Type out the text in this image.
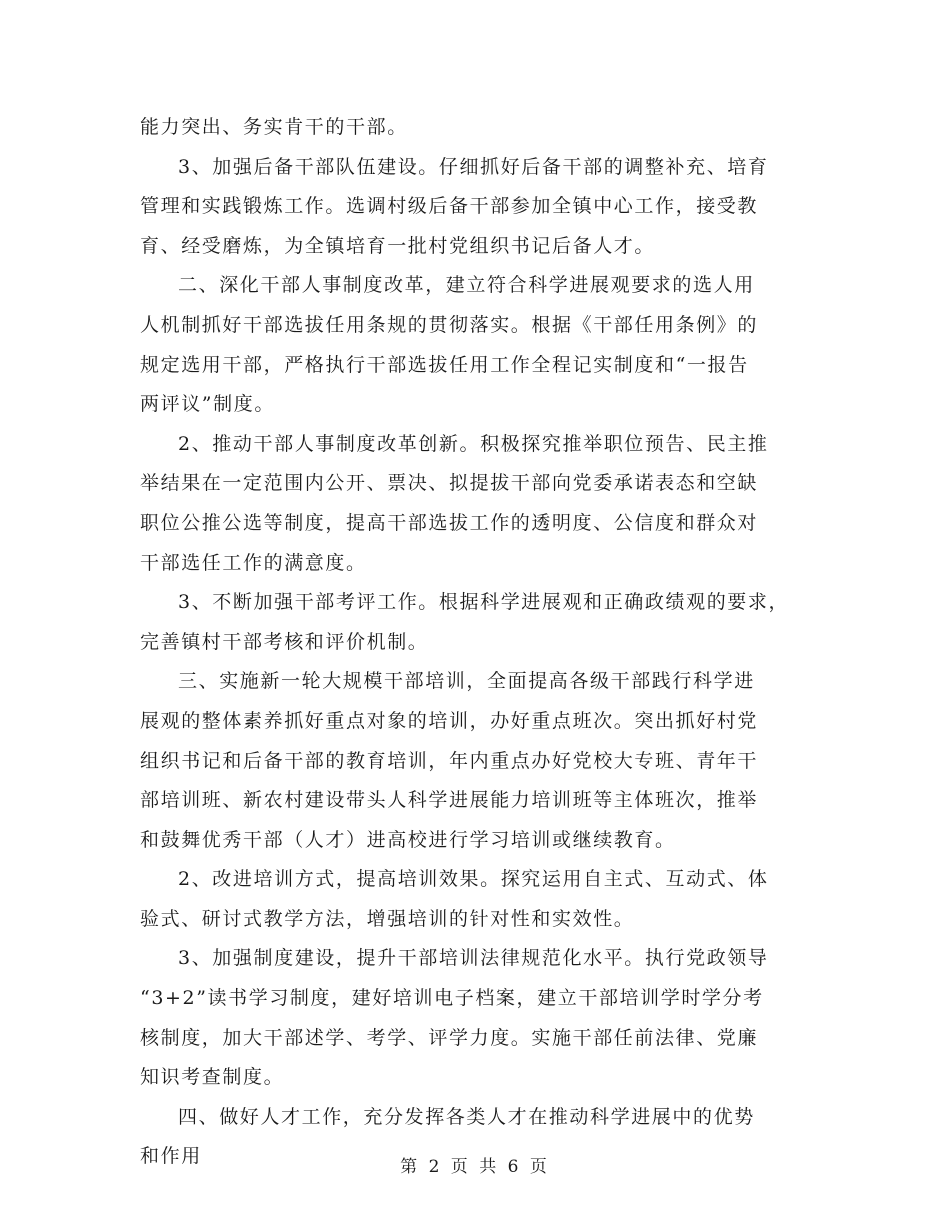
能力突出、务实肯干的干部。
3、加强后备干部队伍建设。仔细抓好后备干部的调整补充、培育
管理和实践锻炼工作。选调村级后备干部参加全镇中心工作，接受教
育、经受磨炼，为全镇培育一批村党组织书记后备人才。
二、深化干部人事制度改革，建立符合科学进展观要求的选人用
人机制抓好干部选拔任用条规的贯彻落实。根据《干部任用条例》的
规定选用干部，严格执行干部选拔任用工作全程记实制度和“一报告
两评议”制度。
2、推动干部人事制度改革创新。积极探究推举职位预告、民主推
举结果在一定范围内公开、票决、拟提拔干部向党委承诺表态和空缺
职位公推公选等制度，提高干部选拔工作的透明度、公信度和群众对
干部选任工作的满意度。
3、不断加强干部考评工作。根据科学进展观和正确政绩观的要求，
完善镇村干部考核和评价机制。
三、实施新一轮大规模干部培训，全面提高各级干部践行科学进
展观的整体素养抓好重点对象的培训，办好重点班次。突出抓好村党
组织书记和后备干部的教育培训，年内重点办好党校大专班、青年干
部培训班、新农村建设带头人科学进展能力培训班等主体班次，推举
和鼓舞优秀干部（人才）进高校进行学习培训或继续教育。
2、改进培训方式，提高培训效果。探究运用自主式、互动式、体
验式、研讨式教学方法，增强培训的针对性和实效性。
3、加强制度建设，提升干部培训法律规范化水平。执行党政领导
“3+2”读书学习制度，建好培训电子档案，建立干部培训学时学分考
核制度，加大干部述学、考学、评学力度。实施干部任前法律、党廉
知识考查制度。
四、做好人才工作，充分发挥各类人才在推动科学进展中的优势
和作用	第 2 页 共 6 页
